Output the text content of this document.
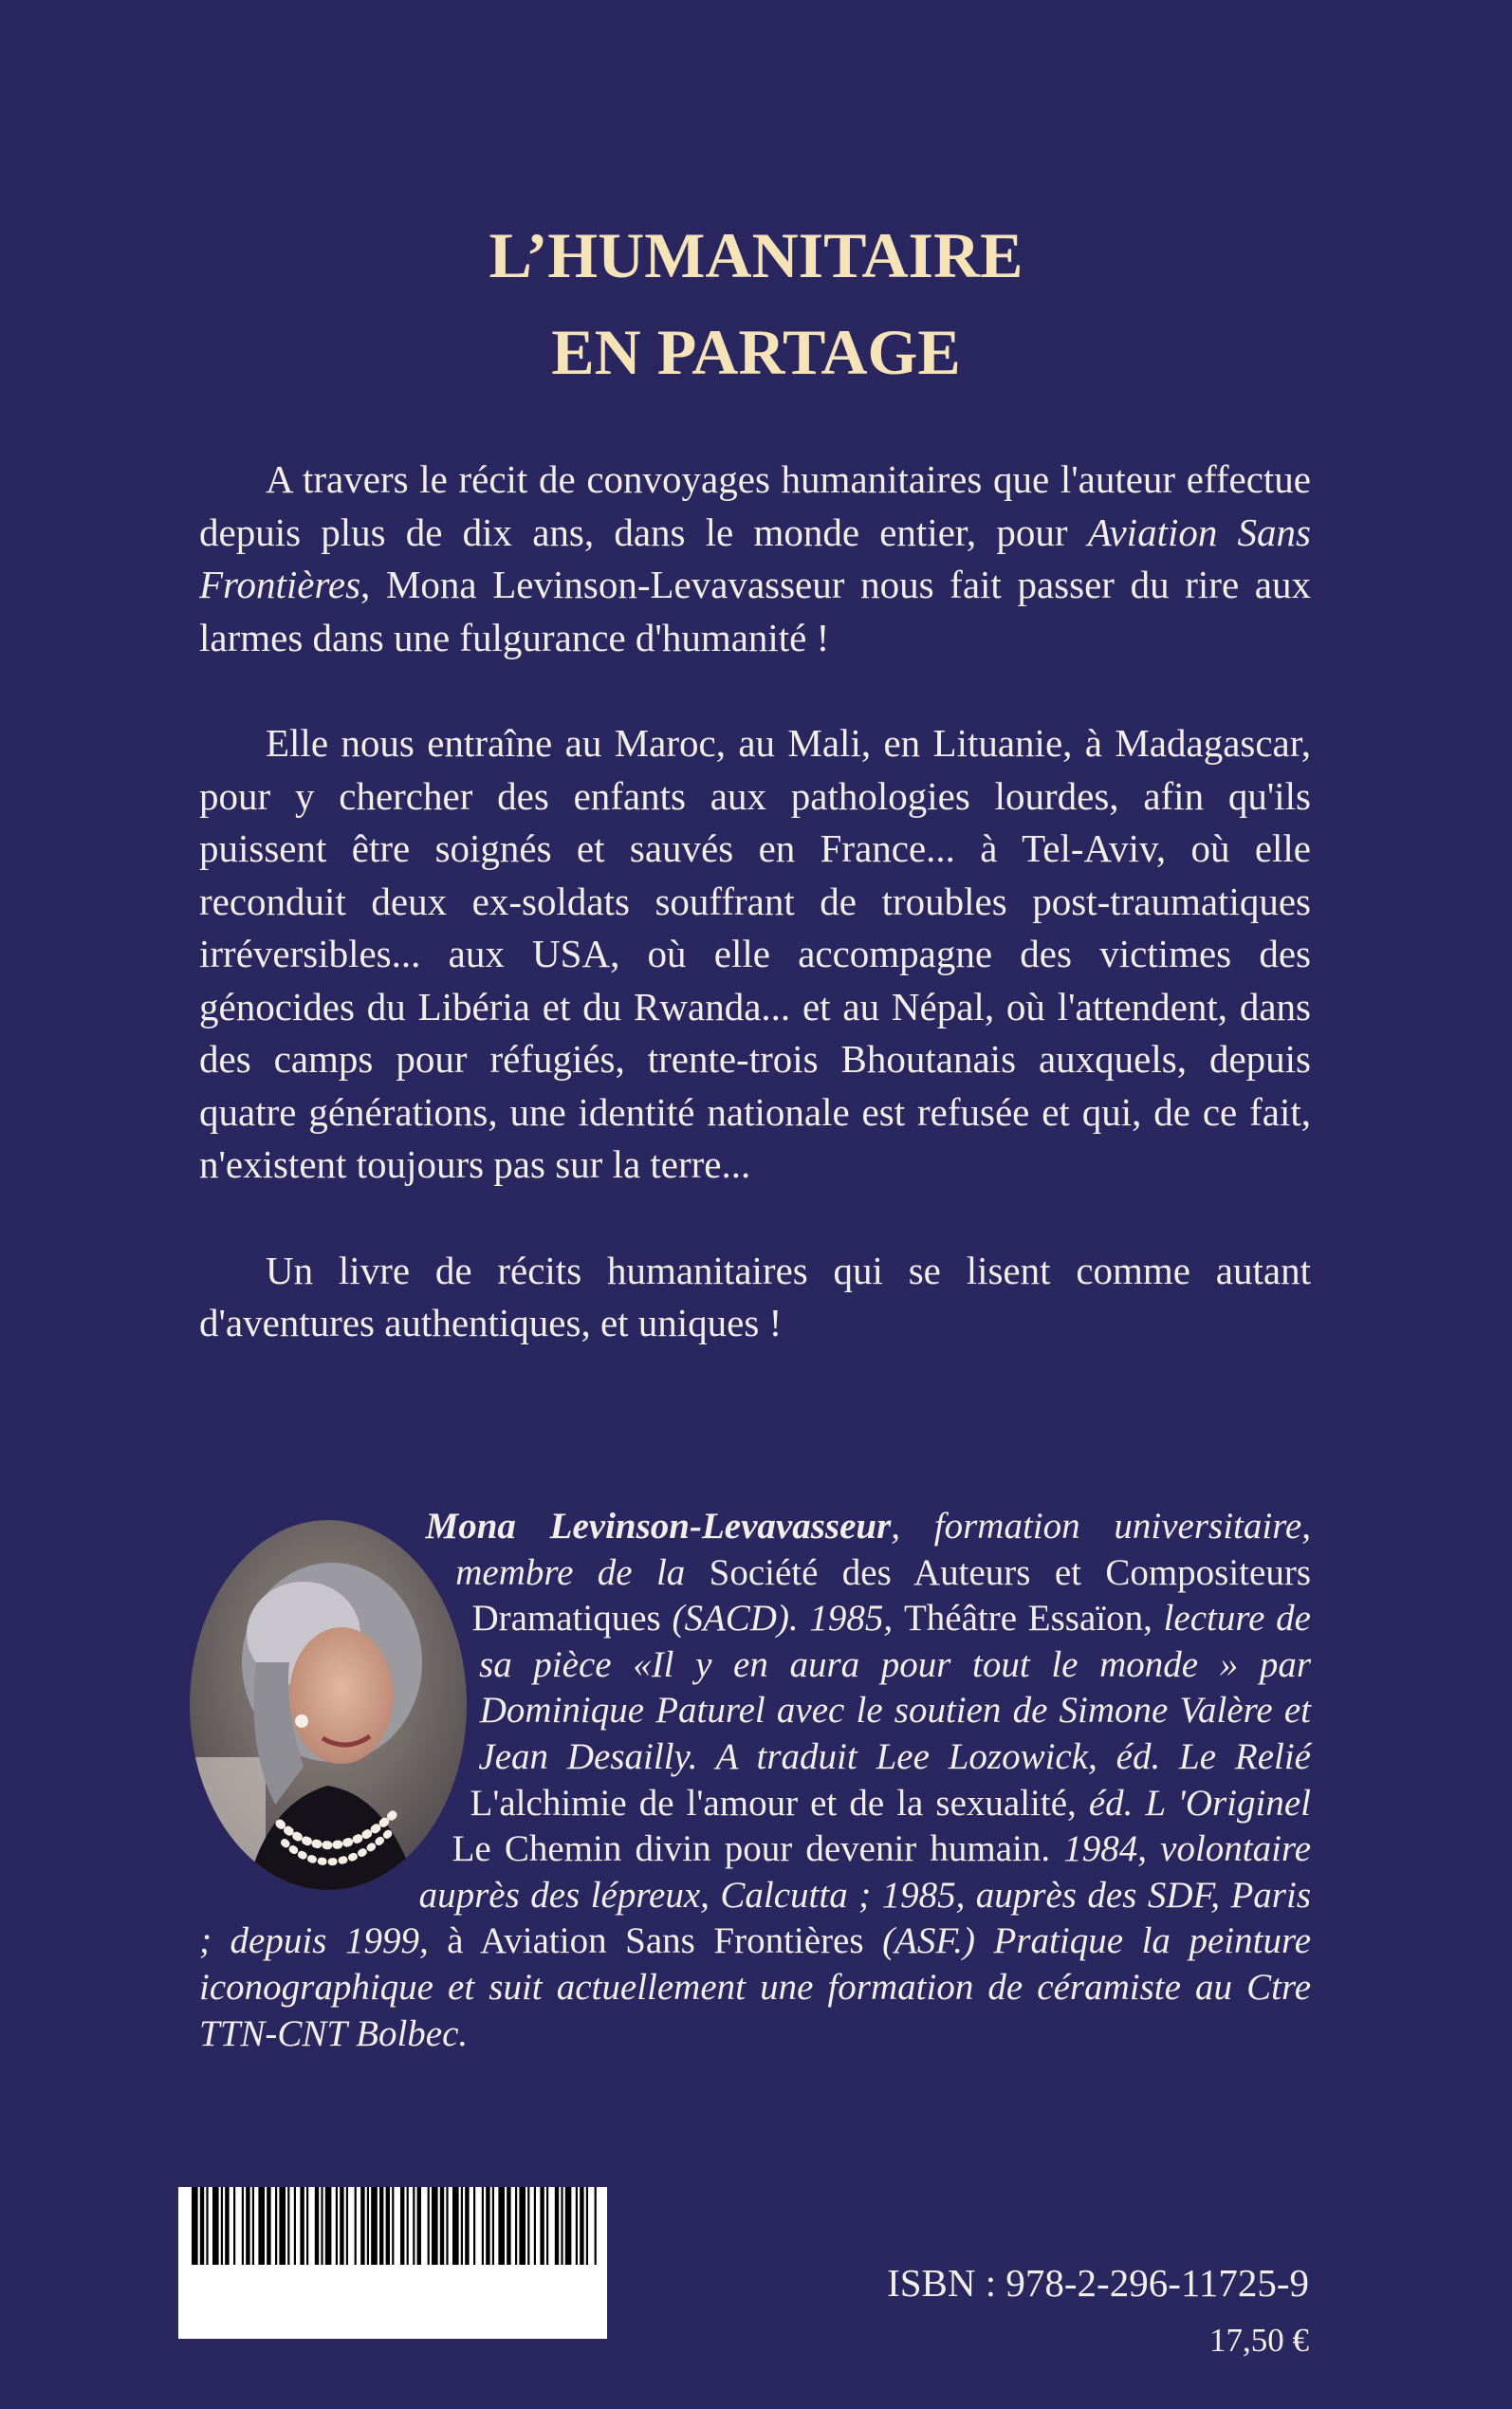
L’HUMANITAIRE
EN PARTAGE

A travers le récit de convoyages humanitaires que l'auteur effectue depuis plus de dix ans, dans le monde entier, pour Aviation Sans Frontières, Mona Levinson-Levavasseur nous fait passer du rire aux larmes dans une fulgurance d'humanité !

Elle nous entraîne au Maroc, au Mali, en Lituanie, à Madagascar, pour y chercher des enfants aux pathologies lourdes, afin qu'ils puissent être soignés et sauvés en France... à Tel-Aviv, où elle reconduit deux ex-soldats souffrant de troubles post-traumatiques irréversibles... aux USA, où elle accompagne des victimes des génocides du Libéria et du Rwanda... et au Népal, où l'attendent, dans des camps pour réfugiés, trente-trois Bhoutanais auxquels, depuis quatre générations, une identité nationale est refusée et qui, de ce fait, n'existent toujours pas sur la terre...

Un livre de récits humanitaires qui se lisent comme autant d'aventures authentiques, et uniques !

Mona Levinson-Levavasseur, formation universitaire, membre de la Société des Auteurs et Compositeurs Dramatiques (SACD). 1985, Théâtre Essaïon, lecture de sa pièce «Il y en aura pour tout le monde » par Dominique Paturel avec le soutien de Simone Valère et Jean Desailly. A traduit Lee Lozowick, éd. Le Relié L'alchimie de l'amour et de la sexualité, éd. L 'Originel Le Chemin divin pour devenir humain. 1984, volontaire auprès des lépreux, Calcutta ; 1985, auprès des SDF, Paris ; depuis 1999, à Aviation Sans Frontières (ASF.) Pratique la peinture iconographique et suit actuellement une formation de céramiste au Ctre TTN-CNT Bolbec.
9 782296 117259	ISBN : 978-2-296-11725-9
17,50 €
